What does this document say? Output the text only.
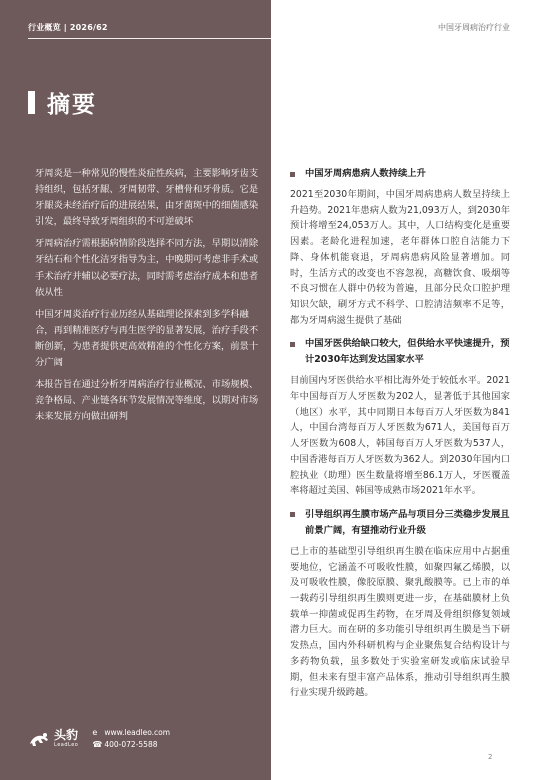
行业概览 | 2026/62
摘要

牙周炎是一种常见的慢性炎症性疾病，主要影响牙齿支持组织，包括牙龈、牙周韧带、牙槽骨和牙骨质。它是牙龈炎未经治疗后的进展结果，由牙菌斑中的细菌感染引发，最终导致牙周组织的不可逆破坏

牙周病治疗需根据病情阶段选择不同方法，早期以清除牙结石和个性化洁牙指导为主，中晚期可考虑非手术或手术治疗并辅以必要疗法，同时需考虑治疗成本和患者依从性

中国牙周炎治疗行业历经从基础理论探索到多学科融合，再到精准医疗与再生医学的显著发展，治疗手段不断创新，为患者提供更高效精准的个性化方案，前景十分广阔

本报告旨在通过分析牙周病治疗行业概况、市场规模、竞争格局、产业链各环节发展情况等维度，以期对市场未来发展方向做出研判

头豹
LeadLeo
e www.leadleo.com
☎ 400-072-5588
中国牙周病治疗行业
中国牙周病患病人数持续上升
2021至2030年期间，中国牙周病患病人数呈持续上升趋势。2021年患病人数为21,093万人，到2030年预计将增至24,053万人。其中，人口结构变化是重要因素。老龄化进程加速，老年群体口腔自洁能力下降、身体机能衰退，牙周病患病风险显著增加。同时，生活方式的改变也不容忽视，高糖饮食、吸烟等不良习惯在人群中仍较为普遍，且部分民众口腔护理知识欠缺，刷牙方式不科学、口腔清洁频率不足等，都为牙周病滋生提供了基础
中国牙医供给缺口较大，但供给水平快速提升，预计2030年达到发达国家水平
目前国内牙医供给水平相比海外处于较低水平。2021年中国每百万人牙医数为202人，显著低于其他国家（地区）水平，其中同期日本每百万人牙医数为841人，中国台湾每百万人牙医数为671人，美国每百万人牙医数为608人，韩国每百万人牙医数为537人，中国香港每百万人牙医数为362人。到2030年国内口腔执业（助理）医生数量将增至86.1万人，牙医覆盖率将超过美国、韩国等成熟市场2021年水平。
引导组织再生膜市场产品与项目分三类稳步发展且前景广阔，有望推动行业升级
已上市的基础型引导组织再生膜在临床应用中占据重要地位，它涵盖不可吸收性膜，如聚四氟乙烯膜，以及可吸收性膜，像胶原膜、聚乳酸膜等。已上市的单一载药引导组织再生膜则更进一步，在基础膜材上负载单一抑菌或促再生药物，在牙周及骨组织修复领域潜力巨大。而在研的多功能引导组织再生膜是当下研发热点，国内外科研机构与企业聚焦复合结构设计与多药物负载，虽多数处于实验室研发或临床试验早期，但未来有望丰富产品体系，推动引导组织再生膜行业实现升级跨越。
2
